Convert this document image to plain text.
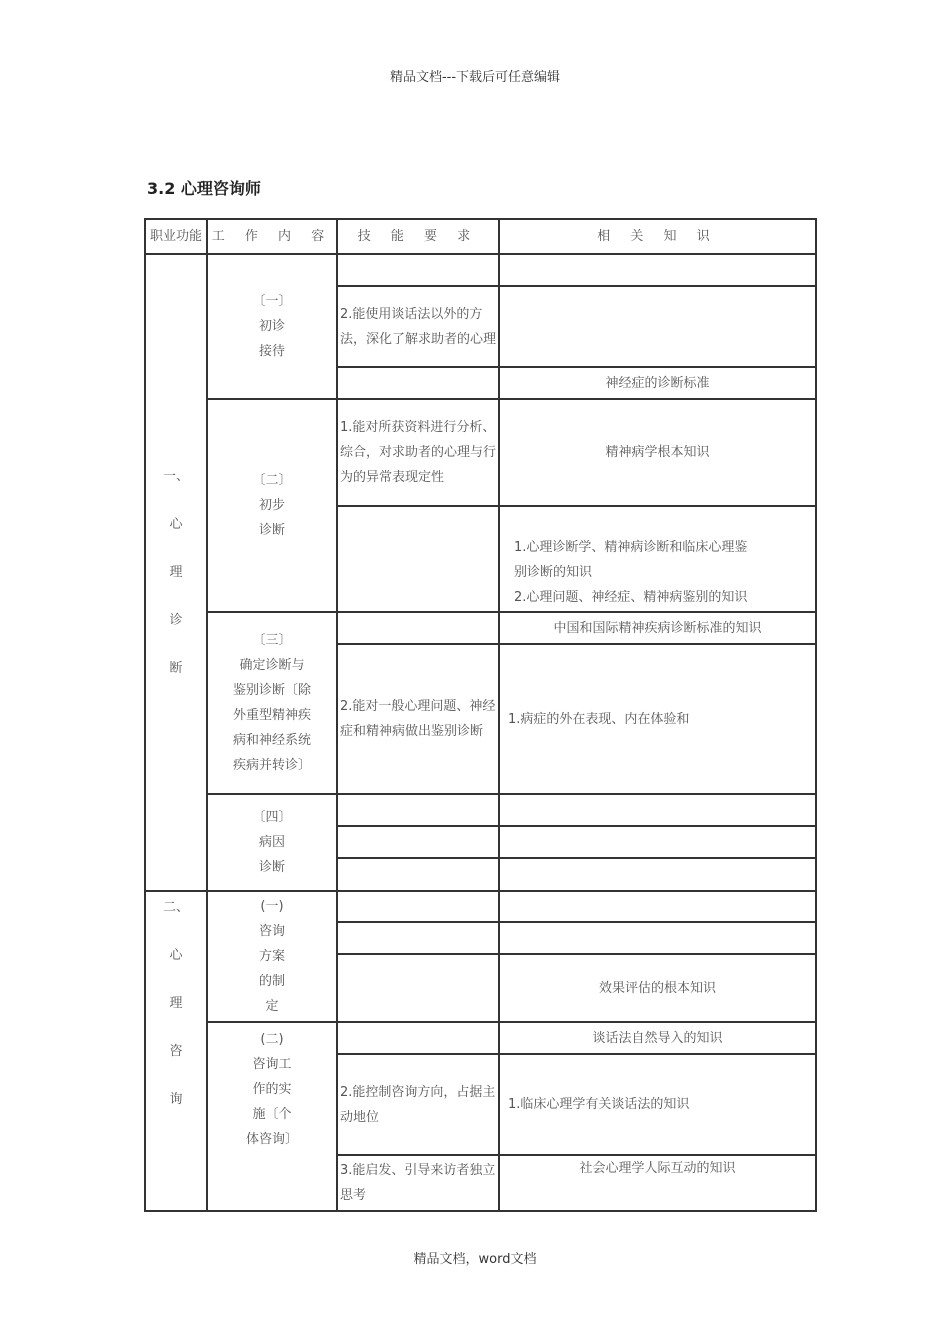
精品文档---下载后可任意编辑
3.2 心理咨询师
职业功能 工 作 内 容	技 能 要 求	相 关 知 识
一、

心

理

诊

断
二、

心

理

咨

询
〔一〕
初诊
接待
〔二〕
初步
诊断
〔三〕
确定诊断与
鉴别诊断〔除
外重型精神疾
病和神经系统
疾病并转诊〕
〔四〕
病因
诊断
(一)
咨询
方案
的制
定
(二)
咨询工
作的实
施〔个
体咨询〕
2.能使用谈话法以外的方法，深化了解求助者的心理
1.能对所获资料进行分析、综合，对求助者的心理与行为的异常表现定性
2.能对一般心理问题、神经症和精神病做出鉴别诊断
2.能控制咨询方向，占据主动地位
3.能启发、引导来访者独立思考
神经症的诊断标准
精神病学根本知识
1.心理诊断学、精神病诊断和临床心理鉴
别诊断的知识
2.心理问题、神经症、精神病鉴别的知识
中国和国际精神疾病诊断标准的知识
1.病症的外在表现、内在体验和
效果评估的根本知识
谈话法自然导入的知识
1.临床心理学有关谈话法的知识
社会心理学人际互动的知识
精品文档，word文档
